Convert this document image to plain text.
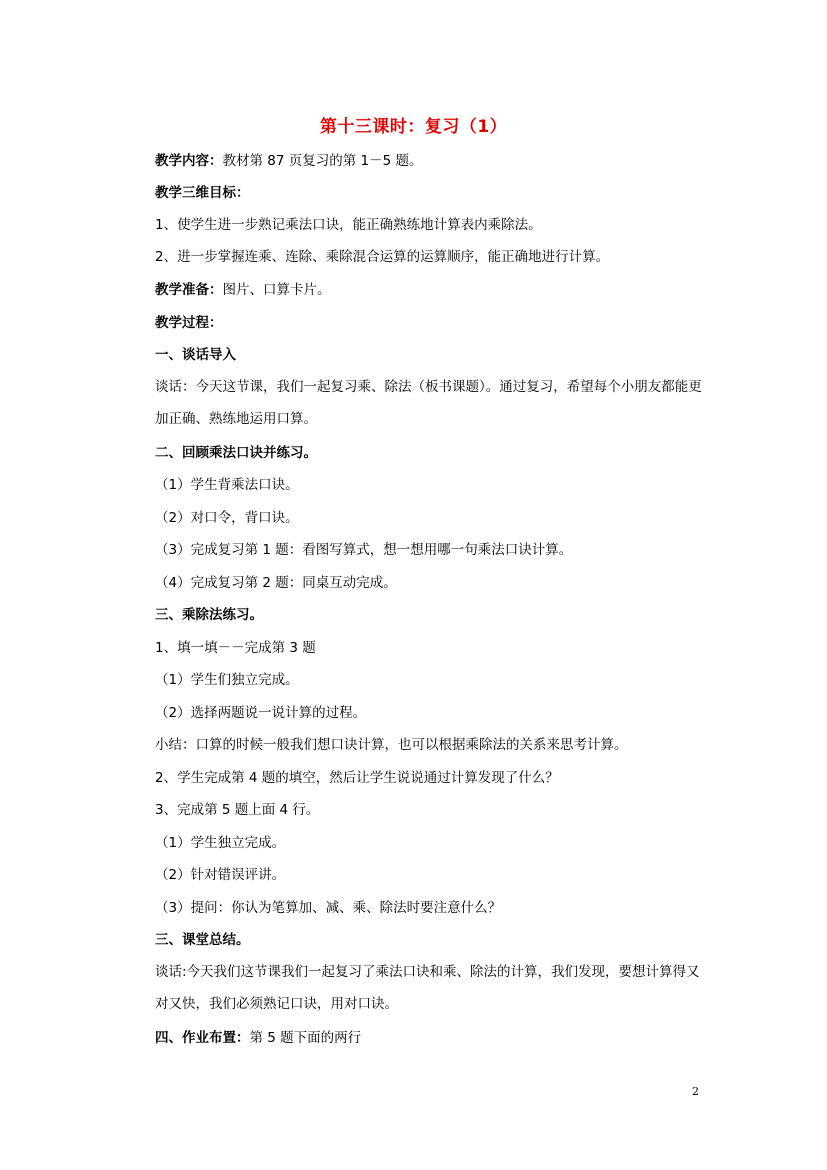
第十三课时：复习（1）
教学内容：教材第 87 页复习的第 1－5 题。
教学三维目标：
1、使学生进一步熟记乘法口诀，能正确熟练地计算表内乘除法。
2、进一步掌握连乘、连除、乘除混合运算的运算顺序，能正确地进行计算。
教学准备：图片、口算卡片。
教学过程：
一、谈话导入
谈话：今天这节课，我们一起复习乘、除法（板书课题）。通过复习，希望每个小朋友都能更加正确、熟练地运用口算。
二、回顾乘法口诀并练习。
（1）学生背乘法口诀。
（2）对口令，背口诀。
（3）完成复习第 1 题：看图写算式，想一想用哪一句乘法口诀计算。
（4）完成复习第 2 题：同桌互动完成。
三、乘除法练习。
1、填一填－－完成第 3 题
（1）学生们独立完成。
（2）选择两题说一说计算的过程。
小结：口算的时候一般我们想口诀计算，也可以根据乘除法的关系来思考计算。
2、学生完成第 4 题的填空，然后让学生说说通过计算发现了什么？
3、完成第 5 题上面 4 行。
（1）学生独立完成。
（2）针对错误评讲。
（3）提问：你认为笔算加、减、乘、除法时要注意什么？
三、课堂总结。
谈话:今天我们这节课我们一起复习了乘法口诀和乘、除法的计算，我们发现，要想计算得又对又快，我们必须熟记口诀，用对口诀。
四、作业布置：第 5 题下面的两行
2
